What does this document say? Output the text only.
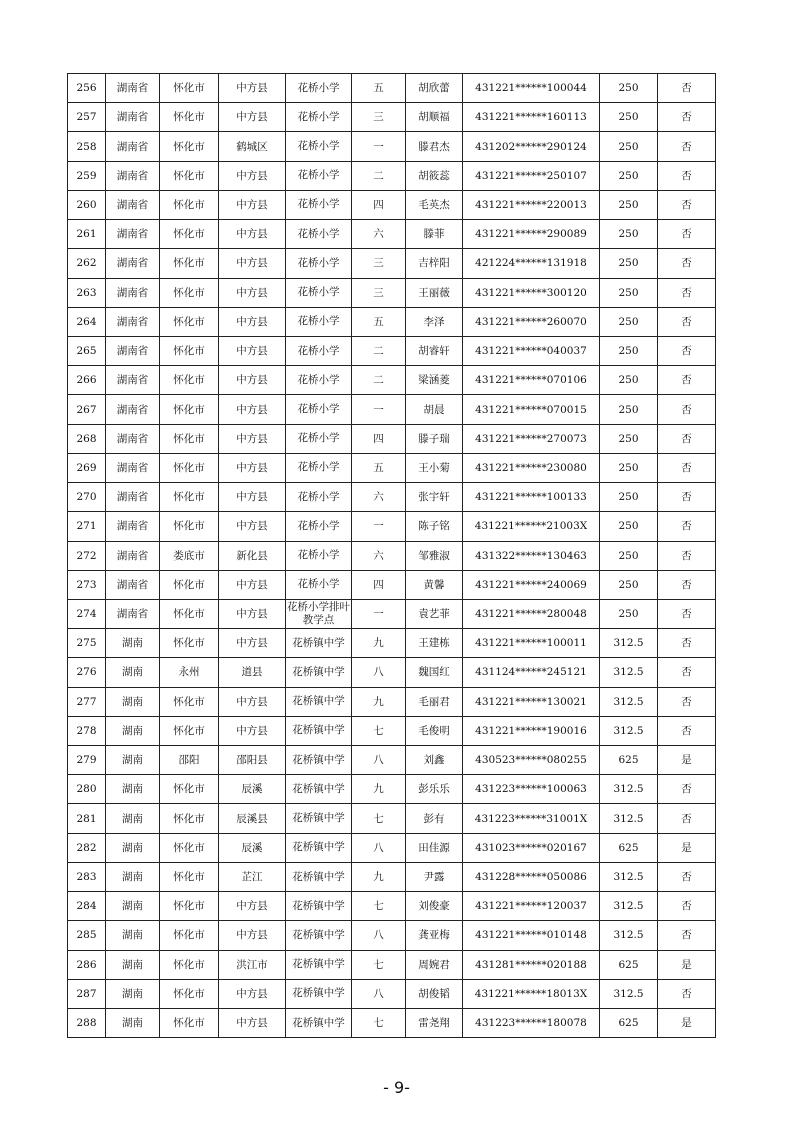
256	湖南省	怀化市	中方县	花桥小学	五	胡欣蕾	431221******100044	250	否
257	湖南省	怀化市	中方县	花桥小学	三	胡顺福	431221******160113	250	否
258	湖南省	怀化市	鹤城区	花桥小学	一	滕君杰	431202******290124	250	否
259	湖南省	怀化市	中方县	花桥小学	二	胡筱蕊	431221******250107	250	否
260	湖南省	怀化市	中方县	花桥小学	四	毛英杰	431221******220013	250	否
261	湖南省	怀化市	中方县	花桥小学	六	滕菲	431221******290089	250	否
262	湖南省	怀化市	中方县	花桥小学	三	吉梓阳	421224******131918	250	否
263	湖南省	怀化市	中方县	花桥小学	三	王丽薇	431221******300120	250	否
264	湖南省	怀化市	中方县	花桥小学	五	李泽	431221******260070	250	否
265	湖南省	怀化市	中方县	花桥小学	二	胡睿轩	431221******040037	250	否
266	湖南省	怀化市	中方县	花桥小学	二	梁涵菱	431221******070106	250	否
267	湖南省	怀化市	中方县	花桥小学	一	胡晨	431221******070015	250	否
268	湖南省	怀化市	中方县	花桥小学	四	滕子瑞	431221******270073	250	否
269	湖南省	怀化市	中方县	花桥小学	五	王小菊	431221******230080	250	否
270	湖南省	怀化市	中方县	花桥小学	六	张宇轩	431221******100133	250	否
271	湖南省	怀化市	中方县	花桥小学	一	陈子铭	431221******21003X	250	否
272	湖南省	娄底市	新化县	花桥小学	六	邹雅淑	431322******130463	250	否
273	湖南省	怀化市	中方县	花桥小学	四	黄馨	431221******240069	250	否
274	湖南省	怀化市	中方县	花桥小学排叶教学点	一	袁艺菲	431221******280048	250	否
275	湖南	怀化市	中方县	花桥镇中学	九	王建栋	431221******100011	312.5	否
276	湖南	永州	道县	花桥镇中学	八	魏国红	431124******245121	312.5	否
277	湖南	怀化市	中方县	花桥镇中学	九	毛丽君	431221******130021	312.5	否
278	湖南	怀化市	中方县	花桥镇中学	七	毛俊明	431221******190016	312.5	否
279	湖南	邵阳	邵阳县	花桥镇中学	八	刘鑫	430523******080255	625	是
280	湖南	怀化市	辰溪	花桥镇中学	九	彭乐乐	431223******100063	312.5	否
281	湖南	怀化市	辰溪县	花桥镇中学	七	彭有	431223******31001X	312.5	否
282	湖南	怀化市	辰溪	花桥镇中学	八	田佳源	431023******020167	625	是
283	湖南	怀化市	芷江	花桥镇中学	九	尹露	431228******050086	312.5	否
284	湖南	怀化市	中方县	花桥镇中学	七	刘俊豪	431221******120037	312.5	否
285	湖南	怀化市	中方县	花桥镇中学	八	龚亚梅	431221******010148	312.5	否
286	湖南	怀化市	洪江市	花桥镇中学	七	周婉君	431281******020188	625	是
287	湖南	怀化市	中方县	花桥镇中学	八	胡俊韬	431221******18013X	312.5	否
288	湖南	怀化市	中方县	花桥镇中学	七	雷尧翔	431223******180078	625	是
- 9-
